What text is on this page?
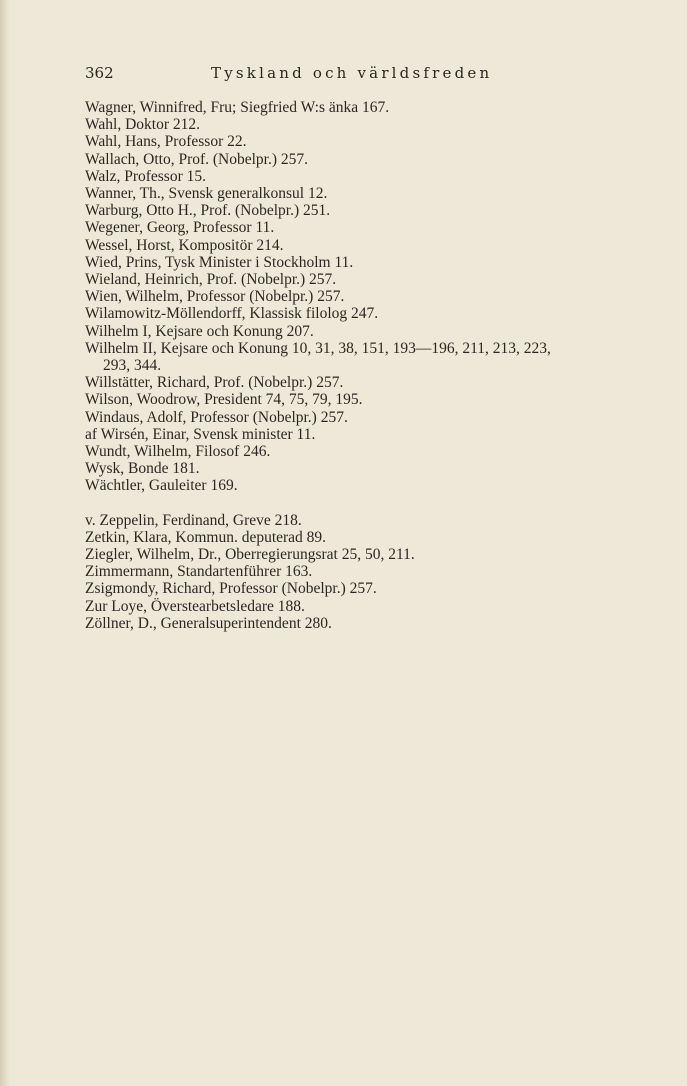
362	Tyskland och världsfreden
Wagner, Winnifred, Fru; Siegfried W:s änka 167.
Wahl, Doktor 212.
Wahl, Hans, Professor 22.
Wallach, Otto, Prof. (Nobelpr.) 257.
Walz, Professor 15.
Wanner, Th., Svensk generalkonsul 12.
Warburg, Otto H., Prof. (Nobelpr.) 251.
Wegener, Georg, Professor 11.
Wessel, Horst, Kompositör 214.
Wied, Prins, Tysk Minister i Stockholm 11.
Wieland, Heinrich, Prof. (Nobelpr.) 257.
Wien, Wilhelm, Professor (Nobelpr.) 257.
Wilamowitz-Möllendorff, Klassisk filolog 247.
Wilhelm I, Kejsare och Konung 207.
Wilhelm II, Kejsare och Konung 10, 31, 38, 151, 193—196, 211, 213, 223,
293, 344.
Willstätter, Richard, Prof. (Nobelpr.) 257.
Wilson, Woodrow, President 74, 75, 79, 195.
Windaus, Adolf, Professor (Nobelpr.) 257.
af Wirsén, Einar, Svensk minister 11.
Wundt, Wilhelm, Filosof 246.
Wysk, Bonde 181.
Wächtler, Gauleiter 169.
v. Zeppelin, Ferdinand, Greve 218.
Zetkin, Klara, Kommun. deputerad 89.
Ziegler, Wilhelm, Dr., Oberregierungsrat 25, 50, 211.
Zimmermann, Standartenführer 163.
Zsigmondy, Richard, Professor (Nobelpr.) 257.
Zur Loye, Överstearbetsledare 188.
Zöllner, D., Generalsuperintendent 280.
